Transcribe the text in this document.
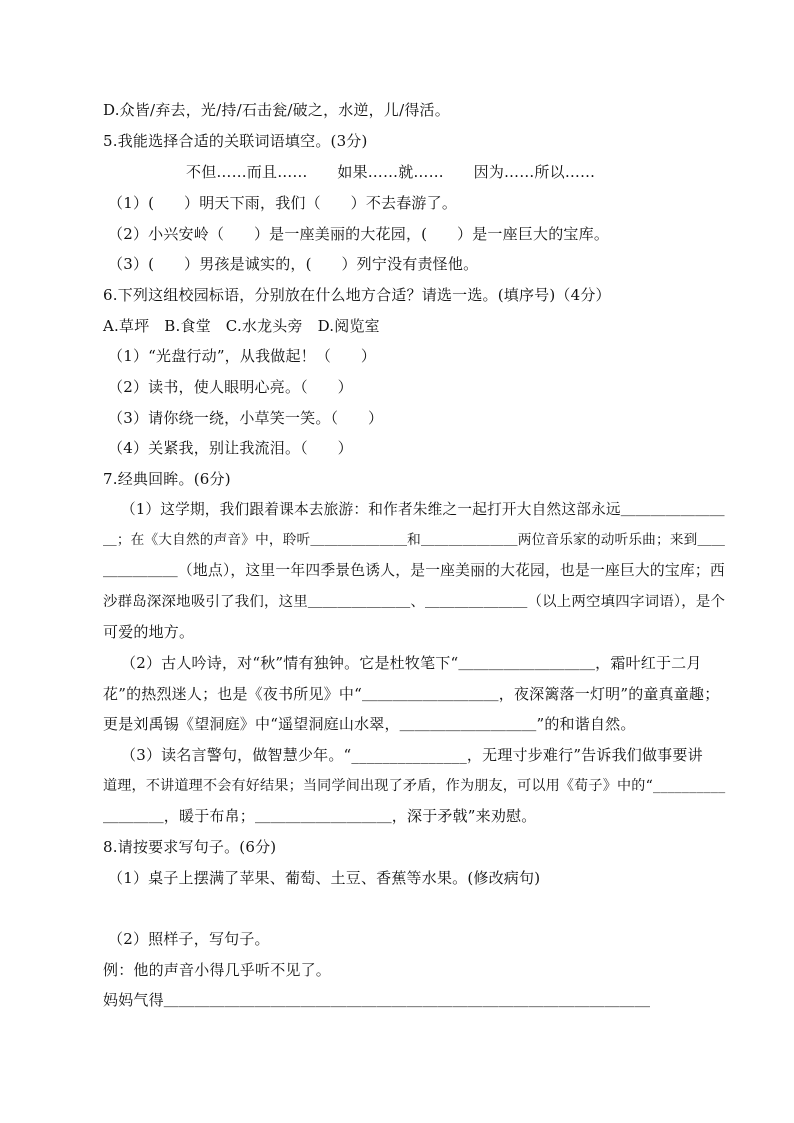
D.众皆/弃去，光/持/石击瓮/破之，水逆，儿/得活。
5.我能选择合适的关联词语填空。(3分)
不但……而且……      如果……就……      因为……所以……
（1）(      ）明天下雨，我们（      ）不去春游了。
（2）小兴安岭（      ）是一座美丽的大花园，(      ）是一座巨大的宝库。
（3）(      ）男孩是诚实的，(      ）列宁没有责怪他。
6.下列这组校园标语，分别放在什么地方合适？请选一选。(填序号)（4分）
A.草坪   B.食堂   C.水龙头旁   D.阅览室
（1）“光盘行动”，从我做起！（      ）
（2）读书，使人眼明心亮。（      ）
（3）请你绕一绕，小草笑一笑。（      ）
（4）关紧我，别让我流泪。（      ）
7.经典回眸。(6分)
（1）这学期，我们跟着课本去旅游：和作者朱维之一起打开大自然这部永远＿＿＿＿＿＿＿
＿；在《大自然的声音》中，聆听＿＿＿＿＿＿＿和＿＿＿＿＿＿＿两位音乐家的动听乐曲；来到＿＿
＿＿＿＿＿（地点），这里一年四季景色诱人，是一座美丽的大花园，也是一座巨大的宝库；西
沙群岛深深地吸引了我们，这里＿＿＿＿＿＿＿、＿＿＿＿＿＿＿（以上两空填四字词语），是个
可爱的地方。
（2）古人吟诗，对“秋”情有独钟。它是杜牧笔下“＿＿＿＿＿＿＿＿＿，霜叶红于二月
花”的热烈迷人；也是《夜书所见》中“＿＿＿＿＿＿＿＿＿，夜深篱落一灯明”的童真童趣；
更是刘禹锡《望洞庭》中“遥望洞庭山水翠，＿＿＿＿＿＿＿＿＿”的和谐自然。
（3）读名言警句，做智慧少年。“_______________，无理寸步难行”告诉我们做事要讲
道理，不讲道理不会有好结果；当同学间出现了矛盾，作为朋友，可以用《荀子》中的“__________
＿＿＿＿，暖于布帛；＿＿＿＿＿＿＿＿＿，深于矛戟”来劝慰。
8.请按要求写句子。(6分)
（1）桌子上摆满了苹果、葡萄、土豆、香蕉等水果。(修改病句)
（2）照样子，写句子。
例：他的声音小得几乎听不见了。
妈妈气得＿＿＿＿＿＿＿＿＿＿＿＿＿＿＿＿＿＿＿＿＿＿＿＿＿＿＿＿＿＿＿＿
